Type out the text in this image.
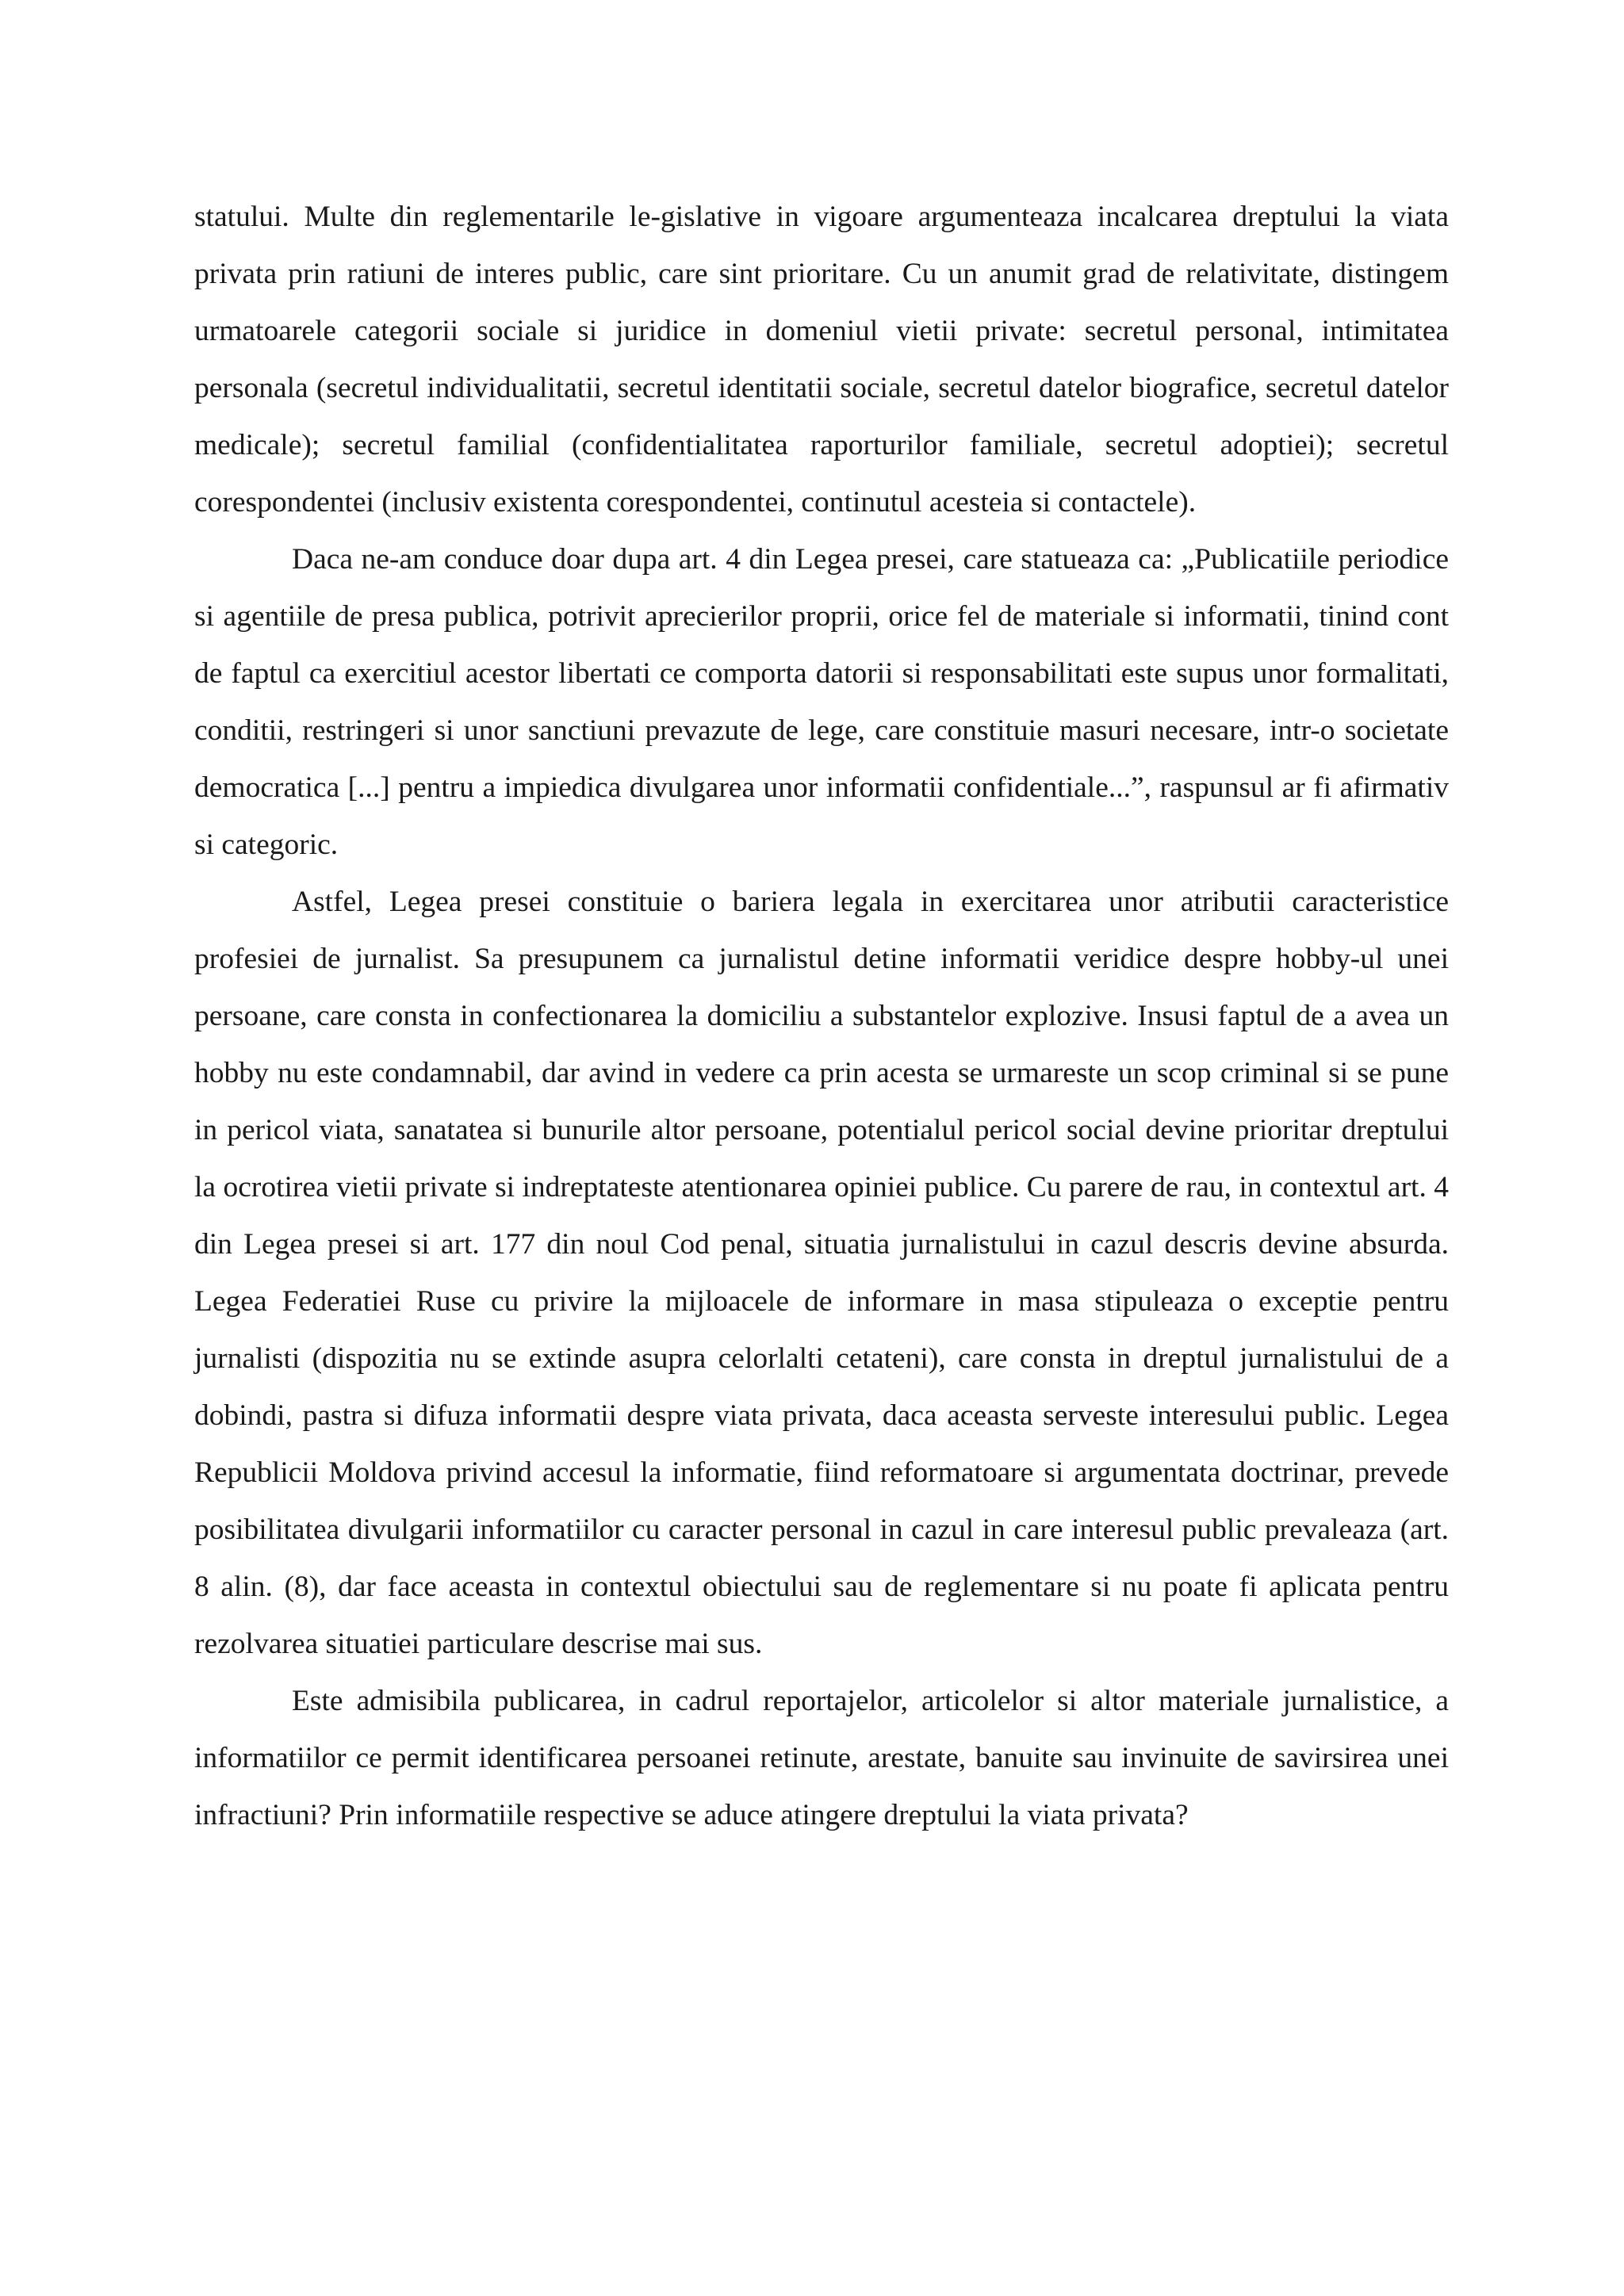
statului. Multe din reglementarile le-gislative in vigoare argumenteaza incalcarea dreptului la viata privata prin ratiuni de interes public, care sint prioritare. Cu un anumit grad de relativitate, distingem urmatoarele categorii sociale si juridice in domeniul vietii private: secretul personal, intimitatea personala (secretul individualitatii, secretul identitatii sociale, secretul datelor biografice, secretul datelor medicale); secretul familial (confidentialitatea raporturilor familiale, secretul adoptiei); secretul corespondentei (inclusiv existenta corespondentei, continutul acesteia si contactele).

Daca ne-am conduce doar dupa art. 4 din Legea presei, care statueaza ca: „Publicatiile periodice si agentiile de presa publica, potrivit aprecierilor proprii, orice fel de materiale si informatii, tinind cont de faptul ca exercitiul acestor libertati ce comporta datorii si responsabilitati este supus unor formalitati, conditii, restringeri si unor sanctiuni prevazute de lege, care constituie masuri necesare, intr-o societate democratica [...] pentru a impiedica divulgarea unor informatii confidentiale...”, raspunsul ar fi afirmativ si categoric.

Astfel, Legea presei constituie o bariera legala in exercitarea unor atributii caracteristice profesiei de jurnalist. Sa presupunem ca jurnalistul detine informatii veridice despre hobby-ul unei persoane, care consta in confectionarea la domiciliu a substantelor explozive. Insusi faptul de a avea un hobby nu este condamnabil, dar avind in vedere ca prin acesta se urmareste un scop criminal si se pune in pericol viata, sanatatea si bunurile altor persoane, potentialul pericol social devine prioritar dreptului la ocrotirea vietii private si indreptateste atentionarea opiniei publice. Cu parere de rau, in contextul art. 4 din Legea presei si art. 177 din noul Cod penal, situatia jurnalistului in cazul descris devine absurda. Legea Federatiei Ruse cu privire la mijloacele de informare in masa stipuleaza o exceptie pentru jurnalisti (dispozitia nu se extinde asupra celorlalti cetateni), care consta in dreptul jurnalistului de a dobindi, pastra si difuza informatii despre viata privata, daca aceasta serveste interesului public. Legea Republicii Moldova privind accesul la informatie, fiind reformatoare si argumentata doctrinar, prevede posibilitatea divulgarii informatiilor cu caracter personal in cazul in care interesul public prevaleaza (art. 8 alin. (8), dar face aceasta in contextul obiectului sau de reglementare si nu poate fi aplicata pentru rezolvarea situatiei particulare descrise mai sus.

Este admisibila publicarea, in cadrul reportajelor, articolelor si altor materiale jurnalistice, a informatiilor ce permit identificarea persoanei retinute, arestate, banuite sau invinuite de savirsirea unei infractiuni? Prin informatiile respective se aduce atingere dreptului la viata privata?
